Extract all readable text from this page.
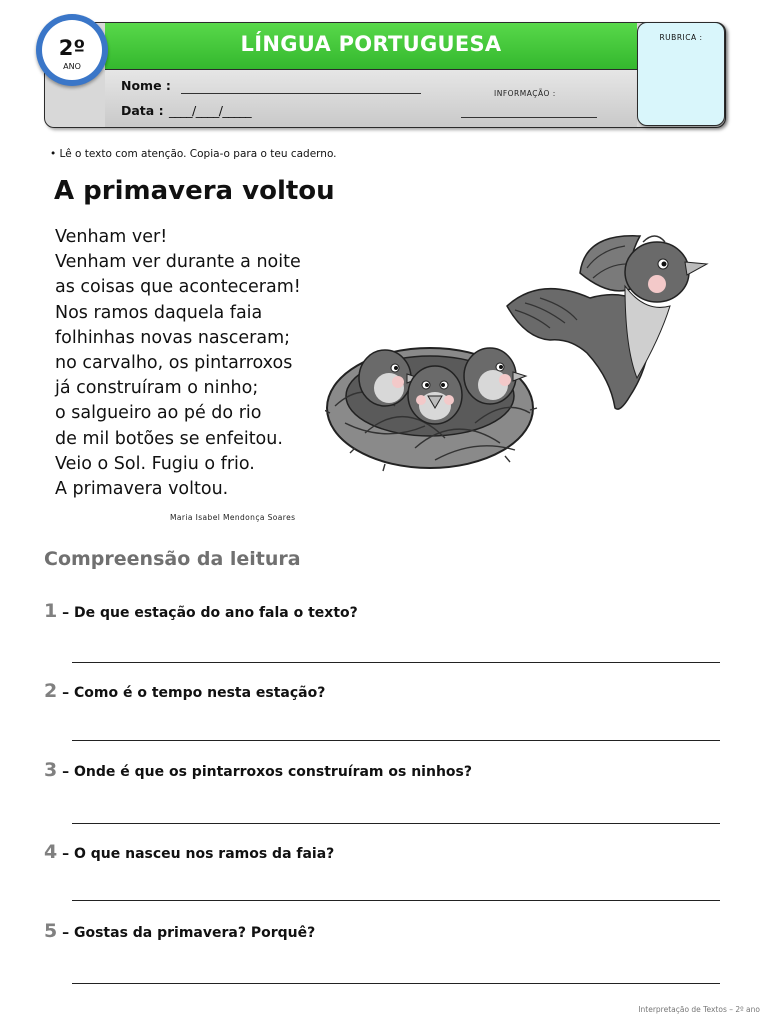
LÍNGUA PORTUGUESA
Nome :
Data : ____/____/_____
INFORMAÇÃO :
RUBRICA :
2º
ANO
• Lê o texto com atenção. Copia-o para o teu caderno.
A primavera voltou
Venham ver!
Venham ver durante a noite
as coisas que aconteceram!
Nos ramos daquela faia
folhinhas novas nasceram;
no carvalho, os pintarroxos
já construíram o ninho;
o salgueiro ao pé do rio
de mil botões se enfeitou.
Veio o Sol. Fugiu o frio.
A primavera voltou.
Maria Isabel Mendonça Soares
Compreensão da leitura
1 – De que estação do ano fala o texto?
2 – Como é o tempo nesta estação?
3 – Onde é que os pintarroxos construíram os ninhos?
4 – O que nasceu nos ramos da faia?
5 – Gostas da primavera? Porquê?
Interpretação de Textos – 2º ano
